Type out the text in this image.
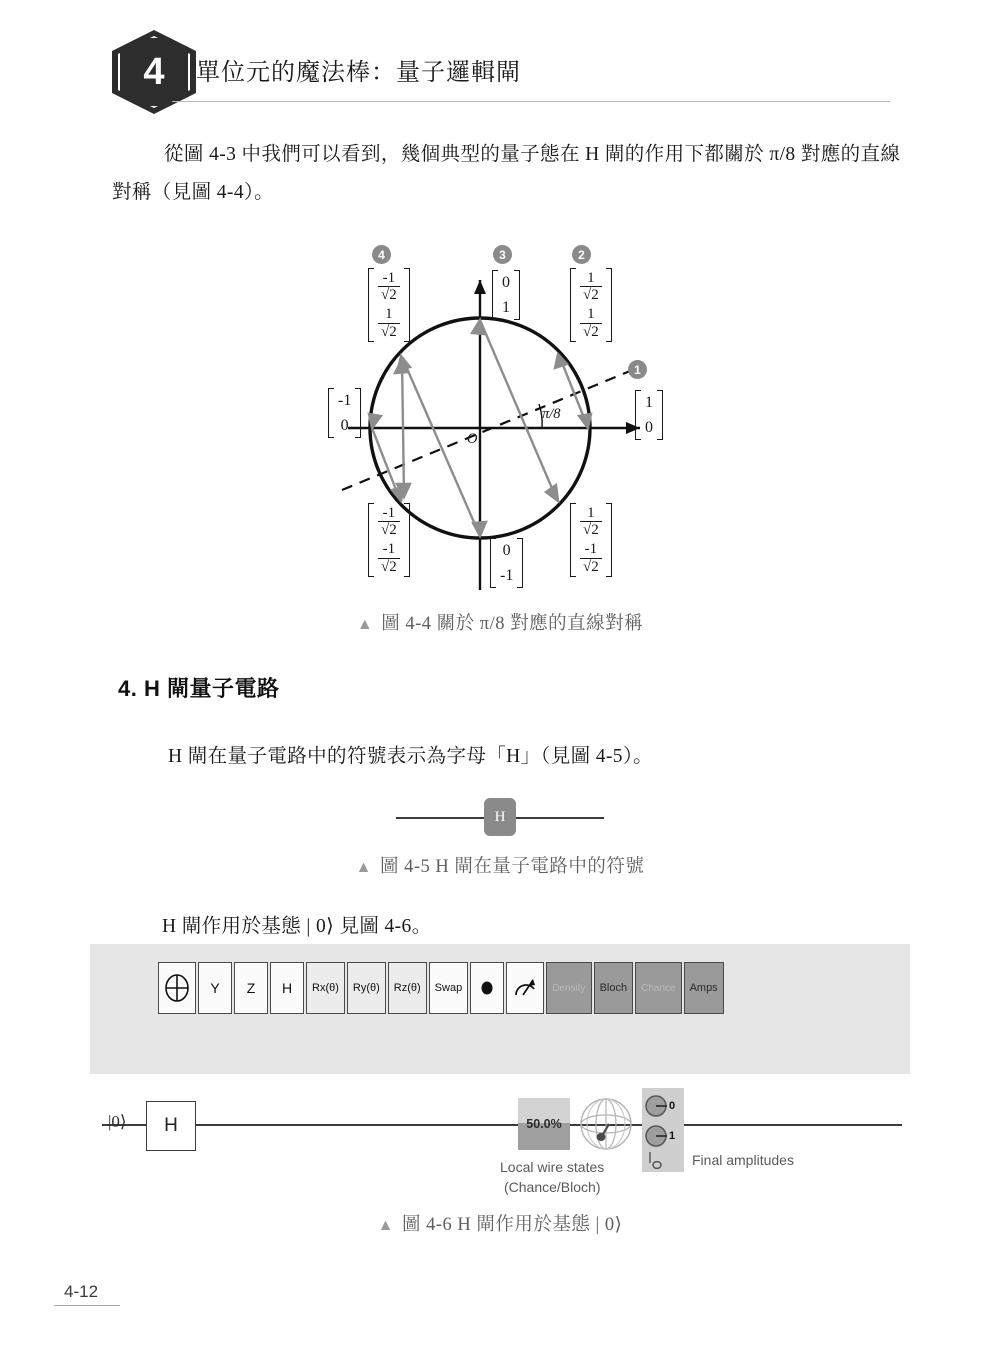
4	單位元的魔法棒：量子邏輯閘
從圖 4-3 中我們可以看到，幾個典型的量子態在 H 閘的作用下都關於 π/8 對應的直線對稱（見圖 4-4）。
1
2
3
4
π/8
O
1
0
0
1
-1
0
0
-1
$\frac{1}{√2}$
$\frac{1}{√2}$
$\frac{-1}{√2}$
$\frac{1}{√2}$
$\frac{-1}{√2}$
$\frac{-1}{√2}$
$\frac{1}{√2}$
$\frac{-1}{√2}$
▲ 圖 4-4 關於 π/8 對應的直線對稱
4. H 閘量子電路
H 閘在量子電路中的符號表示為字母「H」（見圖 4-5）。
H
▲ 圖 4-5 H 閘在量子電路中的符號
H 閘作用於基態 | 0⟩ 見圖 4-6。
Y	Z	H	Rx(θ)	Ry(θ)	Rz(θ)	Swap	Density	Bloch	Chance	Amps
|0⟩	H	50.0%
0
1
Local wire states
(Chance/Bloch)
Final amplitudes
▲ 圖 4-6 H 閘作用於基態 | 0⟩
4-12
